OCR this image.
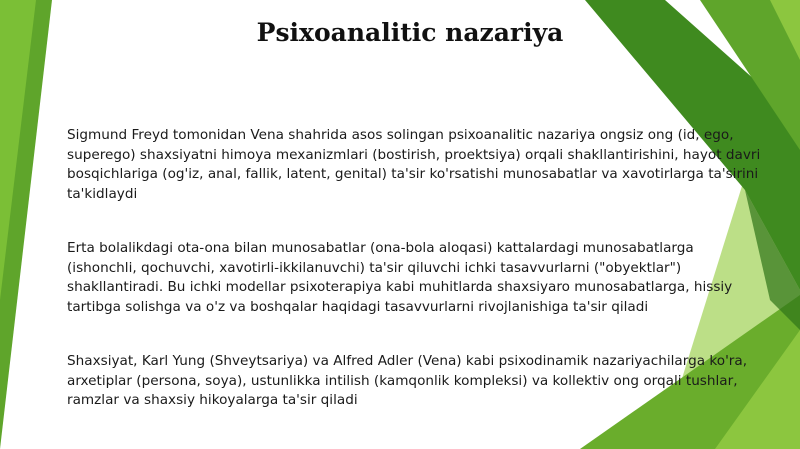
Psixoanalitic nazariya

Sigmund Freyd tomonidan Vena shahrida asos solingan psixoanalitic nazariya ongsiz ong (id, ego, superego) shaxsiyatni himoya mexanizmlari (bostirish, proektsiya) orqali shakllantirishini, hayot davri bosqichlariga (og'iz, anal, fallik, latent, genital) ta'sir ko'rsatishi munosabatlar va xavotirlarga ta'sirini ta'kidlaydi

Erta bolalikdagi ota-ona bilan munosabatlar (ona-bola aloqasi) kattalardagi munosabatlarga (ishonchli, qochuvchi, xavotirli-ikkilanuvchi) ta'sir qiluvchi ichki tasavvurlarni ("obyektlar") shakllantiradi. Bu ichki modellar psixoterapiya kabi muhitlarda shaxsiyaro munosabatlarga, hissiy tartibga solishga va o'z va boshqalar haqidagi tasavvurlarni rivojlanishiga ta'sir qiladi

Shaxsiyat, Karl Yung (Shveytsariya) va Alfred Adler (Vena) kabi psixodinamik nazariyachilarga ko'ra, arxetiplar (persona, soya), ustunlikka intilish (kamqonlik kompleksi) va kollektiv ong orqali tushlar, ramzlar va shaxsiy hikoyalarga ta'sir qiladi
